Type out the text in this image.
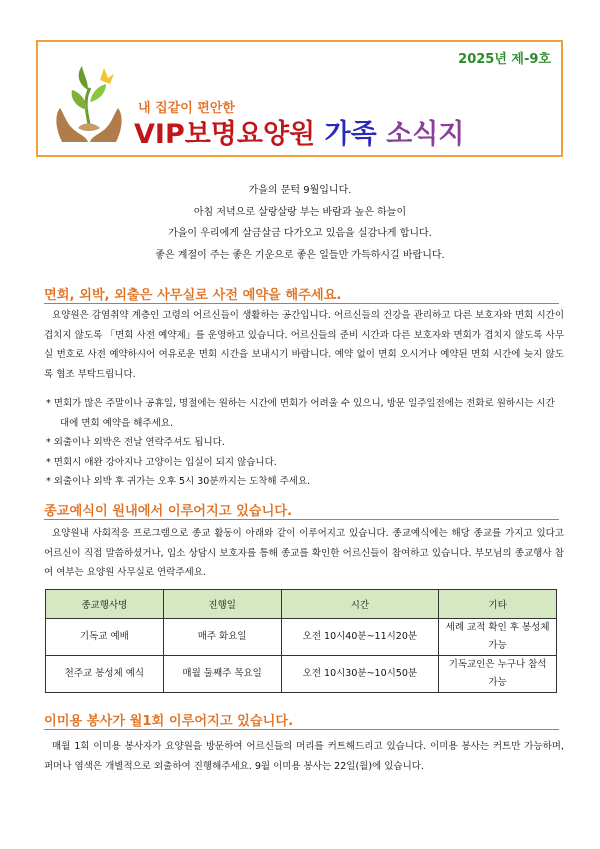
2025년 제-9호
내 집같이 편안한
VIP보명요양원 가족 소식지
가을의 문턱 9월입니다.
아침 저녁으로 살랑살랑 부는 바람과 높은 하늘이
가을이 우리에게 살금살금 다가오고 있음을 실감나게 합니다.
좋은 계절이 주는 좋은 기운으로 좋은 일들만 가득하시길 바랍니다.
면회, 외박, 외출은 사무실로 사전 예약을 해주세요.
요양원은 감염취약 계층인 고령의 어르신들이 생활하는 공간입니다. 어르신들의 건강을 관리하고 다른 보호자와 면회 시간이 겹치지 않도록 「면회 사전 예약제」를 운영하고 있습니다. 어르신들의 준비 시간과 다른 보호자와 면회가 겹치지 않도록 사무실 번호로 사전 예약하시어 여유로운 면회 시간을 보내시기 바랍니다. 예약 없이 면회 오시거나 예약된 면회 시간에 늦지 않도록 협조 부탁드립니다.
* 면회가 많은 주말이나 공휴일, 명절에는 원하는 시간에 면회가 어려울 수 있으니, 방문 일주일전에는 전화로 원하시는 시간대에 면회 예약을 해주세요.
* 외출이나 외박은 전날 연락주셔도 됩니다.
* 면회시 애완 강아지나 고양이는 입실이 되지 않습니다.
* 외출이나 외박 후 귀가는 오후 5시 30분까지는 도착해 주세요.
종교예식이 원내에서 이루어지고 있습니다.
요양원내 사회적응 프로그램으로 종교 활동이 아래와 같이 이루어지고 있습니다. 종교예식에는 해당 종교를 가지고 있다고 어르신이 직접 말씀하셨거나, 입소 상담시 보호자를 통해 종교를 확인한 어르신들이 참여하고 있습니다. 부모님의 종교행사 참여 여부는 요양원 사무실로 연락주세요.
종교행사명	진행일	시간	기타
기독교 예배	매주 화요일	오전 10시40분~11시20분	세례 교적 확인 후 봉성체 가능
천주교 봉성체 예식	매월 둘째주 목요일	오전 10시30분~10시50분	기독교인은 누구나 참석 가능
이미용 봉사가 월1회 이루어지고 있습니다.
매월 1회 이미용 봉사자가 요양원을 방문하여 어르신들의 머리를 커트해드리고 있습니다. 이미용 봉사는 커트만 가능하며, 퍼머나 염색은 개별적으로 외출하여 진행해주세요. 9월 이미용 봉사는 22일(월)에 있습니다.
